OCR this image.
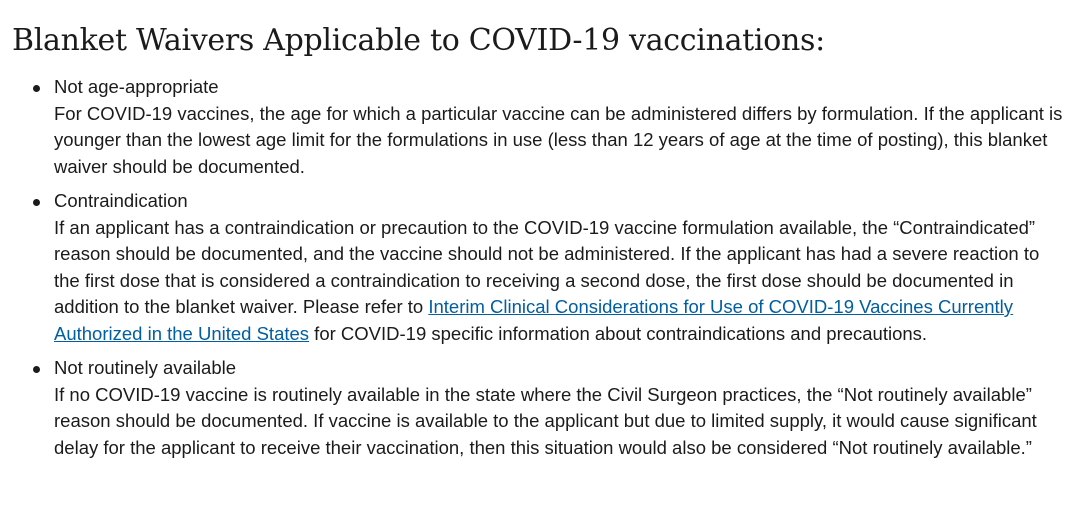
Blanket Waivers Applicable to COVID-19 vaccinations:
Not age-appropriate
For COVID-19 vaccines, the age for which a particular vaccine can be administered differs by formulation. If the applicant is younger than the lowest age limit for the formulations in use (less than 12 years of age at the time of posting), this blanket waiver should be documented.
Contraindication
If an applicant has a contraindication or precaution to the COVID-19 vaccine formulation available, the “Contraindicated” reason should be documented, and the vaccine should not be administered. If the applicant has had a severe reaction to the first dose that is considered a contraindication to receiving a second dose, the first dose should be documented in addition to the blanket waiver. Please refer to Interim Clinical Considerations for Use of COVID-19 Vaccines Currently Authorized in the United States for COVID-19 specific information about contraindications and precautions.
Not routinely available
If no COVID-19 vaccine is routinely available in the state where the Civil Surgeon practices, the “Not routinely available” reason should be documented. If vaccine is available to the applicant but due to limited supply, it would cause significant delay for the applicant to receive their vaccination, then this situation would also be considered “Not routinely available.”
